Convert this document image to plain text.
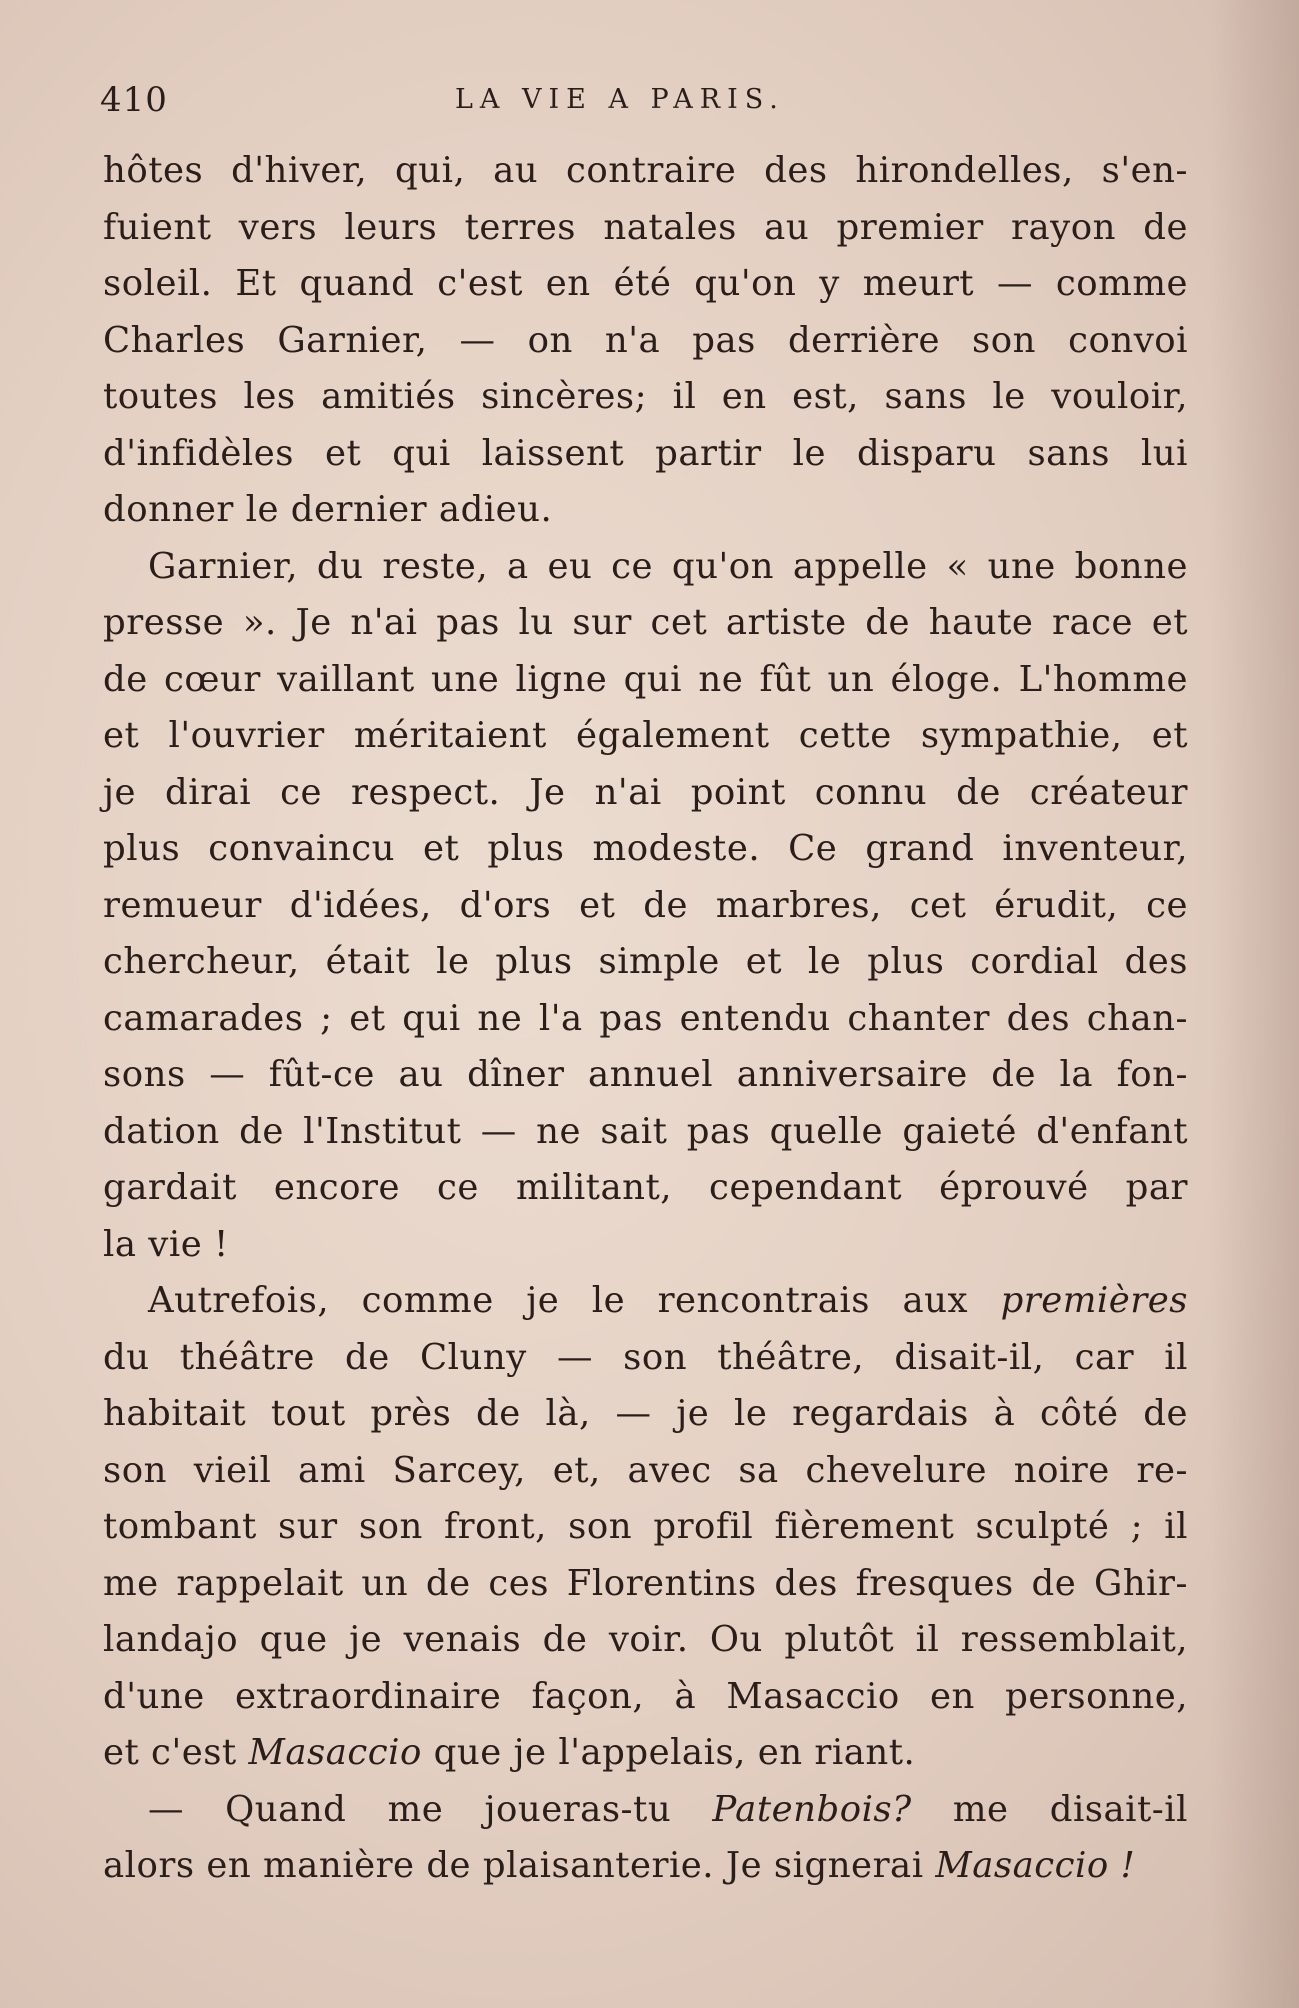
410	LA VIE A PARIS.
hôtes d'hiver, qui, au contraire des hirondelles, s'en-
fuient vers leurs terres natales au premier rayon de
soleil. Et quand c'est en été qu'on y meurt — comme
Charles Garnier, — on n'a pas derrière son convoi
toutes les amitiés sincères; il en est, sans le vouloir,
d'infidèles et qui laissent partir le disparu sans lui
donner le dernier adieu.
Garnier, du reste, a eu ce qu'on appelle « une bonne
presse ». Je n'ai pas lu sur cet artiste de haute race et
de cœur vaillant une ligne qui ne fût un éloge. L'homme
et l'ouvrier méritaient également cette sympathie, et
je dirai ce respect. Je n'ai point connu de créateur
plus convaincu et plus modeste. Ce grand inventeur,
remueur d'idées, d'ors et de marbres, cet érudit, ce
chercheur, était le plus simple et le plus cordial des
camarades ; et qui ne l'a pas entendu chanter des chan-
sons — fût-ce au dîner annuel anniversaire de la fon-
dation de l'Institut — ne sait pas quelle gaieté d'enfant
gardait encore ce militant, cependant éprouvé par
la vie !
Autrefois, comme je le rencontrais aux premières
du théâtre de Cluny — son théâtre, disait-il, car il
habitait tout près de là, — je le regardais à côté de
son vieil ami Sarcey, et, avec sa chevelure noire re-
tombant sur son front, son profil fièrement sculpté ; il
me rappelait un de ces Florentins des fresques de Ghir-
landajo que je venais de voir. Ou plutôt il ressemblait,
d'une extraordinaire façon, à Masaccio en personne,
et c'est Masaccio que je l'appelais, en riant.
— Quand me joueras-tu Patenbois? me disait-il
alors en manière de plaisanterie. Je signerai Masaccio !
